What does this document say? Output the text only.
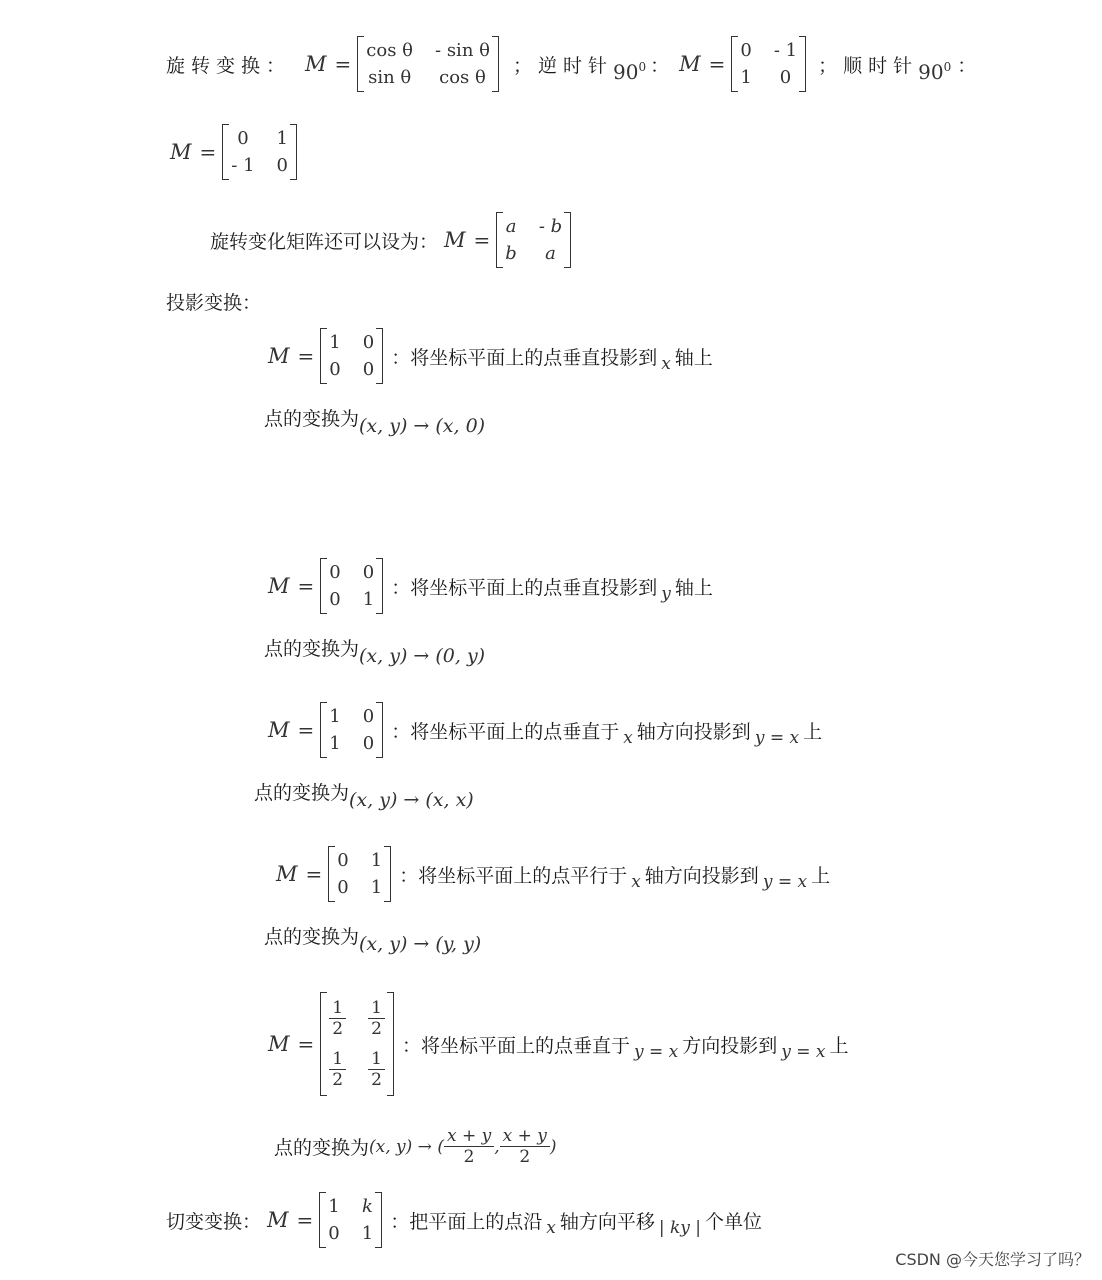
旋转变换： M =
cos θ - sin θ
sin θ cos θ
；逆时针 $90^0$ ： M =
0 - 1
1	0
；顺时针 $90^0$ ：
M =
0	1
- 1 0
旋转变化矩阵还可以设为： M =
a - b
b	a
投影变换：
M =
1 0
0 0
：将坐标平面上的点垂直投影到 x 轴上
点的变换为 (x, y) → (x, 0)
M =
0 0
0 1
：将坐标平面上的点垂直投影到 y 轴上
点的变换为 (x, y) → (0, y)
M =
1 0
1 0
：将坐标平面上的点垂直于 x 轴方向投影到 y = x 上
点的变换为 (x, y) → (x, x)
M =
0 1
0 1
：将坐标平面上的点平行于 x 轴方向投影到 y = x 上
点的变换为 (x, y) → (y, y)
M =
$\frac{1}{2} \frac{1}{2}$
$\frac{1}{2} \frac{1}{2}$
：将坐标平面上的点垂直于 y = x 方向投影到 y = x 上
点的变换为 (x, y) → ( $\frac{x + y}{2}$ , $\frac{x + y}{2}$ )
切变变换： M =
1 k
0 1
：把平面上的点沿 x 轴方向平移 | ky | 个单位
CSDN @今天您学习了吗？
